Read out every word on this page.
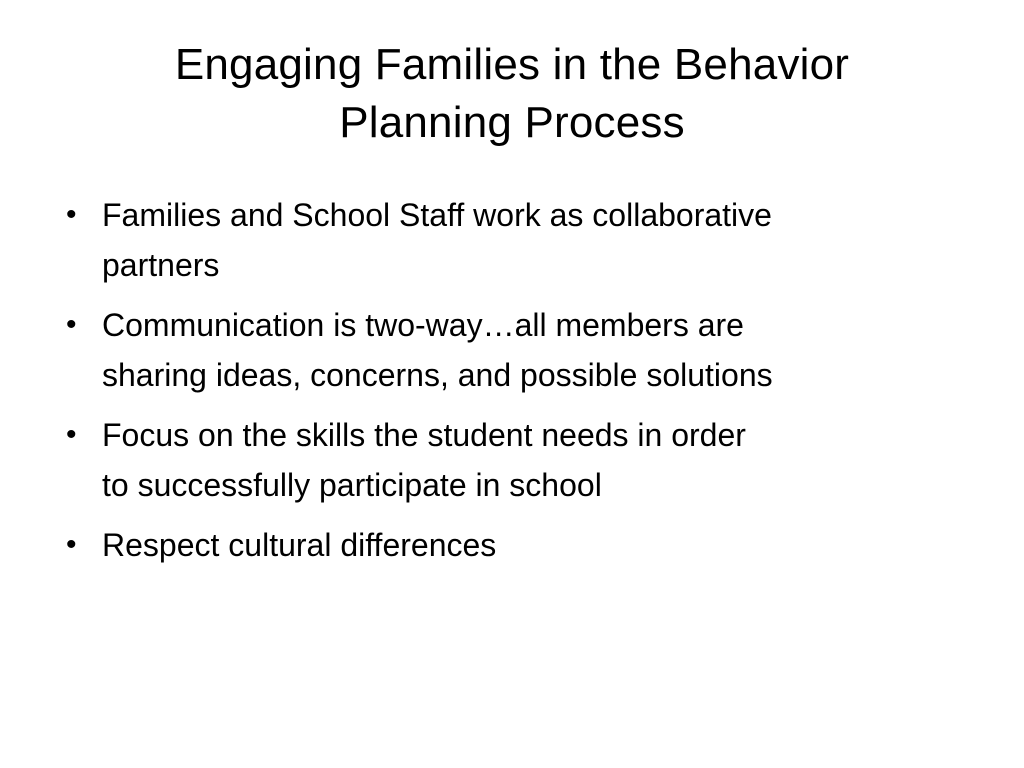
Engaging Families in the Behavior
Planning Process
• Families and School Staff work as collaborative
partners
• Communication is two-way…all members are
sharing ideas, concerns, and possible solutions
• Focus on the skills the student needs in order
to successfully participate in school
• Respect cultural differences
